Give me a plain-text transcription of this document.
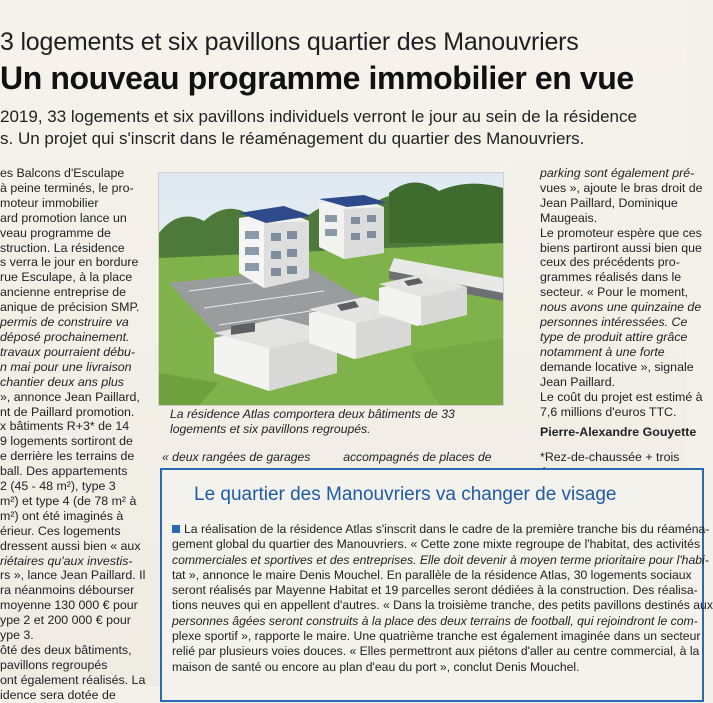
3 logements et six pavillons quartier des Manouvriers
Un nouveau programme immobilier en vue
2019, 33 logements et six pavillons individuels verront le jour au sein de la résidence
s. Un projet qui s'inscrit dans le réaménagement du quartier des Manouvriers.
es Balcons d'Esculape
à peine terminés, le pro-
moteur immobilier
ard promotion lance un
veau programme de
struction. La résidence
s verra le jour en bordure
rue Esculape, à la place
ancienne entreprise de
anique de précision SMP.
permis de construire va
déposé prochainement.
travaux pourraient débu-
n mai pour une livraison
chantier deux ans plus
», annonce Jean Paillard,
nt de Paillard promotion.
x bâtiments R+3* de 14
9 logements sortiront de
e derrière les terrains de
ball. Des appartements
2 (45 - 48 m²), type 3
m²) et type 4 (de 78 m² à
m²) ont été imaginés à
érieur. Ces logements
dressent aussi bien « aux
riétaires qu'aux investis-
rs », lance Jean Paillard. Il
ra néanmoins débourser
moyenne 130 000 € pour
ype 2 et 200 000 € pour
ype 3.
ôté des deux bâtiments,
pavillons regroupés
ont également réalisés. La
idence sera dotée de
La résidence Atlas comportera deux bâtiments de 33
logements et six pavillons regroupés.
« deux rangées de garages	accompagnés de places de
parking sont également pré-
vues », ajoute le bras droit de
Jean Paillard, Dominique
Maugeais.
Le promoteur espère que ces
biens partiront aussi bien que
ceux des précédents pro-
grammes réalisés dans le
secteur. « Pour le moment,
nous avons une quinzaine de
personnes intéressées. Ce
type de produit attire grâce
notamment à une forte
demande locative », signale
Jean Paillard.
Le coût du projet est estimé à
7,6 millions d'euros TTC.
Pierre-Alexandre Gouyette
*Rez-de-chaussée + trois
Le quartier des Manouvriers va changer de visage
La réalisation de la résidence Atlas s'inscrit dans le cadre de la première tranche bis du réaména-
gement global du quartier des Manouvriers. « Cette zone mixte regroupe de l'habitat, des activités
commerciales et sportives et des entreprises. Elle doit devenir à moyen terme prioritaire pour l'habi-
tat », annonce le maire Denis Mouchel. En parallèle de la résidence Atlas, 30 logements sociaux
seront réalisés par Mayenne Habitat et 19 parcelles seront dédiées à la construction. Des réalisa-
tions neuves qui en appellent d'autres. « Dans la troisième tranche, des petits pavillons destinés aux
personnes âgées seront construits à la place des deux terrains de football, qui rejoindront le com-
plexe sportif », rapporte le maire. Une quatrième tranche est également imaginée dans un secteur
relié par plusieurs voies douces. « Elles permettront aux piétons d'aller au centre commercial, à la
maison de santé ou encore au plan d'eau du port », conclut Denis Mouchel.
